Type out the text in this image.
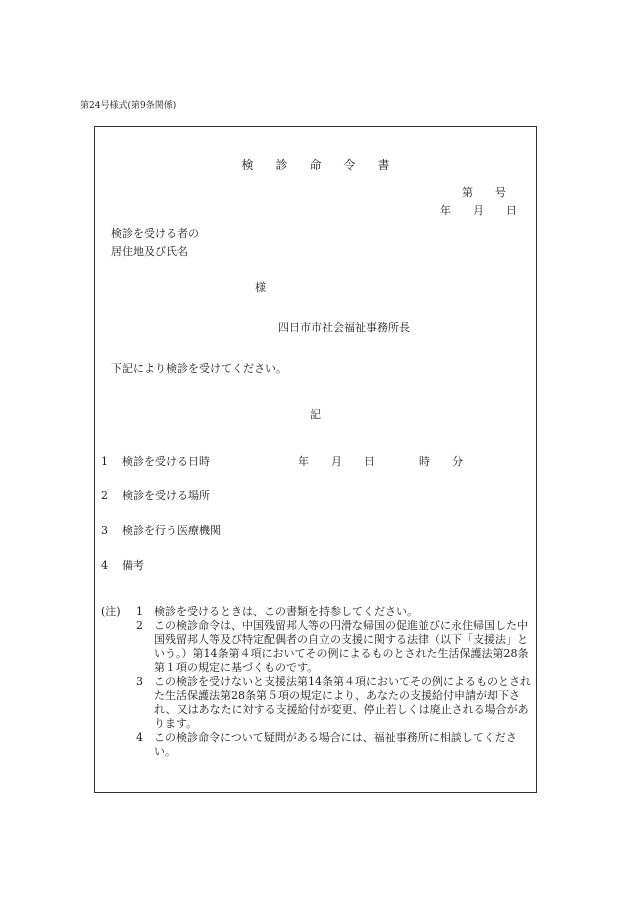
第24号様式(第9条関係)
検診命令書
第　　号
年　　月　　日
検診を受ける者の
居住地及び氏名
様
四日市市社会福祉事務所長
下記により検診を受けてください。
記
1 検診を受ける日時	年　　月　　日　　　　時　　分
2 検診を受ける場所
3 検診を行う医療機関
4 備考
(注) 1	検診を受けるときは、この書類を持参してください。
2	この検診命令は、中国残留邦人等の円滑な帰国の促進並びに永住帰国した中国残留邦人等及び特定配偶者の自立の支援に関する法律（以下「支援法」という。）第14条第４項においてその例によるものとされた生活保護法第28条第１項の規定に基づくものです。
3	この検診を受けないと支援法第14条第４項においてその例によるものとされた生活保護法第28条第５項の規定により、あなたの支援給付申請が却下され、又はあなたに対する支援給付が変更、停止若しくは廃止される場合があります。
4	この検診命令について疑問がある場合には、福祉事務所に相談してください。
